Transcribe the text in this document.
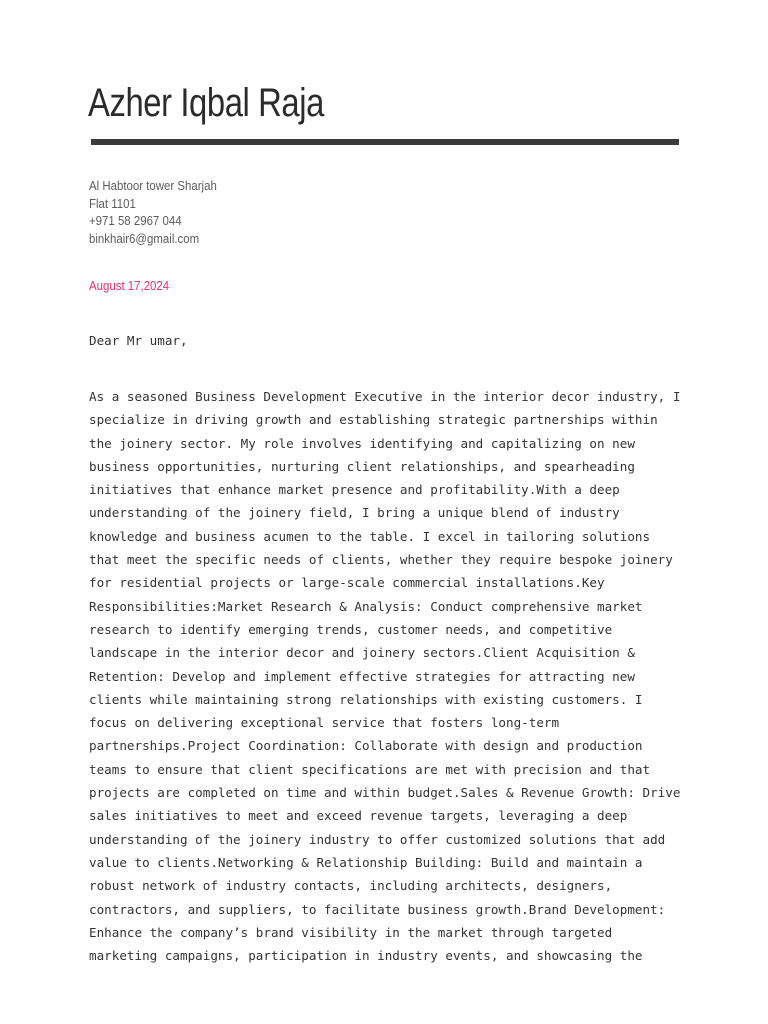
Azher Iqbal Raja
Al Habtoor tower Sharjah
Flat 1101
+971 58 2967 044
binkhair6@gmail.com
August 17,2024
Dear Mr umar,
As a seasoned Business Development Executive in the interior decor industry, I
specialize in driving growth and establishing strategic partnerships within
the joinery sector. My role involves identifying and capitalizing on new
business opportunities, nurturing client relationships, and spearheading
initiatives that enhance market presence and profitability.With a deep
understanding of the joinery field, I bring a unique blend of industry
knowledge and business acumen to the table. I excel in tailoring solutions
that meet the specific needs of clients, whether they require bespoke joinery
for residential projects or large-scale commercial installations.Key
Responsibilities:Market Research & Analysis: Conduct comprehensive market
research to identify emerging trends, customer needs, and competitive
landscape in the interior decor and joinery sectors.Client Acquisition &
Retention: Develop and implement effective strategies for attracting new
clients while maintaining strong relationships with existing customers. I
focus on delivering exceptional service that fosters long-term
partnerships.Project Coordination: Collaborate with design and production
teams to ensure that client specifications are met with precision and that
projects are completed on time and within budget.Sales & Revenue Growth: Drive
sales initiatives to meet and exceed revenue targets, leveraging a deep
understanding of the joinery industry to offer customized solutions that add
value to clients.Networking & Relationship Building: Build and maintain a
robust network of industry contacts, including architects, designers,
contractors, and suppliers, to facilitate business growth.Brand Development:
Enhance the company’s brand visibility in the market through targeted
marketing campaigns, participation in industry events, and showcasing the
